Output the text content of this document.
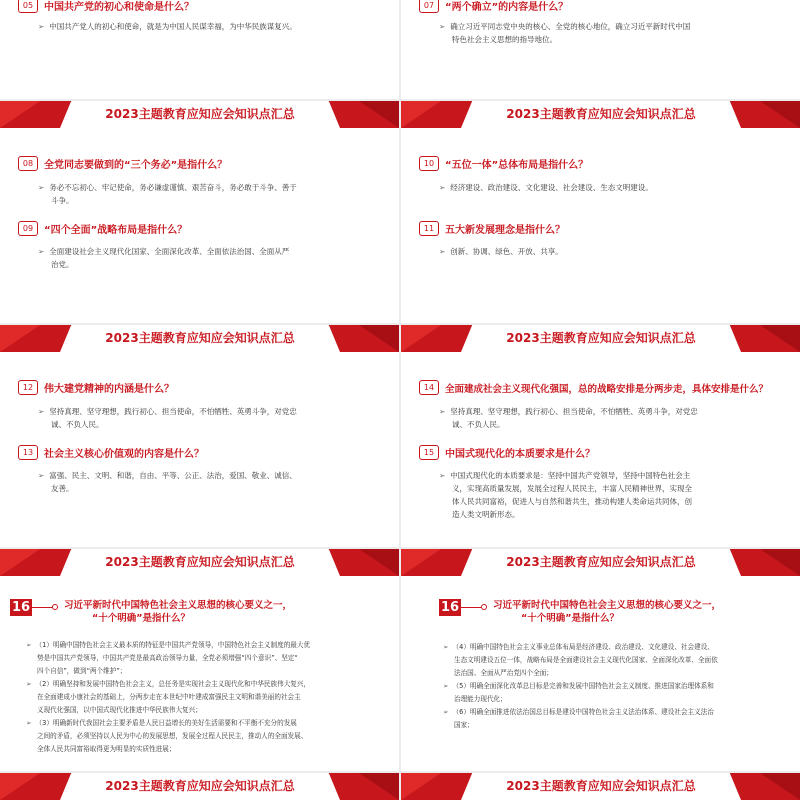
05	中国共产党的初心和使命是什么？
➢ 中国共产党人的初心和使命，就是为中国人民谋幸福，为中华民族谋复兴。
07	“两个确立”的内容是什么？
➢ 确立习近平同志党中央的核心、全党的核心地位，确立习近平新时代中国
特色社会主义思想的指导地位。
2023主题教育应知应会知识点汇总
08	全党同志要做到的“三个务必”是指什么？
➢ 务必不忘初心、牢记使命，务必谦虚谨慎、艰苦奋斗，务必敢于斗争、善于
斗争。
09	“四个全面”战略布局是指什么？
➢ 全面建设社会主义现代化国家、全面深化改革、全面依法治国、全面从严
治党。
2023主题教育应知应会知识点汇总
10	“五位一体”总体布局是指什么？
➢ 经济建设、政治建设、文化建设、社会建设、生态文明建设。
11	五大新发展理念是指什么？
➢ 创新、协调、绿色、开放、共享。
2023主题教育应知应会知识点汇总
12	伟大建党精神的内涵是什么？
➢ 坚持真理、坚守理想，践行初心、担当使命，不怕牺牲、英勇斗争，对党忠
诚、不负人民。
13	社会主义核心价值观的内容是什么？
➢ 富强、民主、文明、和谐，自由、平等、公正、法治，爱国、敬业、诚信、
友善。
2023主题教育应知应会知识点汇总
14	全面建成社会主义现代化强国，总的战略安排是分两步走，具体安排是什么？
➢ 坚持真理、坚守理想，践行初心、担当使命，不怕牺牲、英勇斗争，对党忠
诚、不负人民。
15	中国式现代化的本质要求是什么？
➢ 中国式现代化的本质要求是：坚持中国共产党领导，坚持中国特色社会主
义，实现高质量发展，发展全过程人民民主，丰富人民精神世界，实现全
体人民共同富裕，促进人与自然和谐共生，推动构建人类命运共同体，创
造人类文明新形态。
2023主题教育应知应会知识点汇总
16	习近平新时代中国特色社会主义思想的核心要义之一，
“十个明确”是指什么？
➢ （1）明确中国特色社会主义最本质的特征是中国共产党领导，中国特色社会主义制度的最大优
势是中国共产党领导，中国共产党是最高政治领导力量，全党必须增强“四个意识”、坚定“
四个自信”，做到“两个维护”；
➢ （2）明确坚持和发展中国特色社会主义，总任务是实现社会主义现代化和中华民族伟大复兴，
在全面建成小康社会的基础上，分两步走在本世纪中叶建成富强民主文明和谐美丽的社会主
义现代化强国，以中国式现代化推进中华民族伟大复兴；
➢ （3）明确新时代我国社会主要矛盾是人民日益增长的美好生活需要和不平衡不充分的发展
之间的矛盾，必须坚持以人民为中心的发展思想，发展全过程人民民主，推动人的全面发展、
全体人民共同富裕取得更为明显的实质性进展；
2023主题教育应知应会知识点汇总
16	习近平新时代中国特色社会主义思想的核心要义之一，
“十个明确”是指什么？
➢ （4）明确中国特色社会主义事业总体布局是经济建设、政治建设、文化建设、社会建设、
生态文明建设五位一体，战略布局是全面建设社会主义现代化国家、全面深化改革、全面依
法治国、全面从严治党四个全面；
➢ （5）明确全面深化改革总目标是完善和发展中国特色社会主义制度、推进国家治理体系和
治理能力现代化；
➢ （6）明确全面推进依法治国总目标是建设中国特色社会主义法治体系、建设社会主义法治
国家；
2023主题教育应知应会知识点汇总	2023主题教育应知应会知识点汇总
